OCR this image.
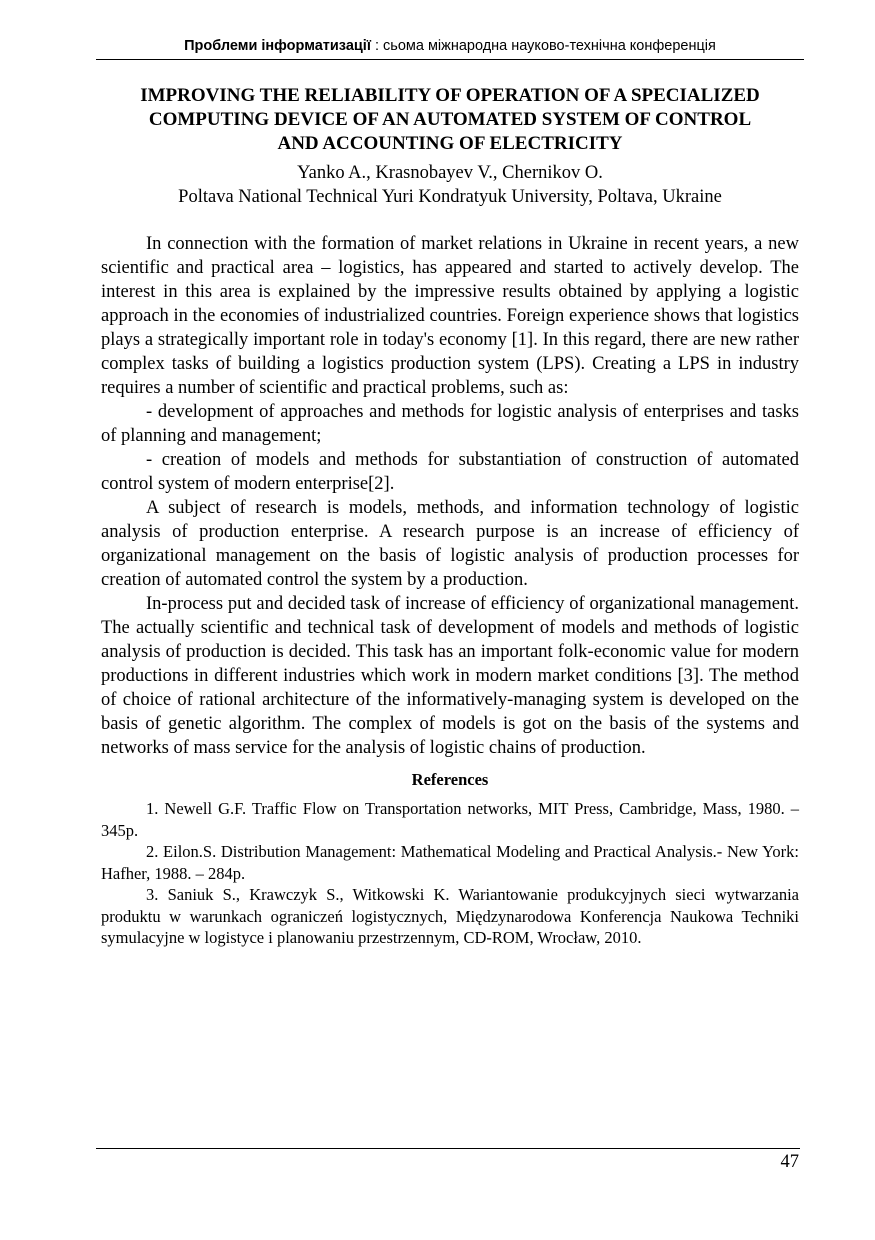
Проблеми інформатизації : сьома міжнародна науково-технічна конференція
IMPROVING THE RELIABILITY OF OPERATION OF A SPECIALIZED
COMPUTING DEVICE OF AN AUTOMATED SYSTEM OF CONTROL
AND ACCOUNTING OF ELECTRICITY
Yanko A., Krasnobayev V., Chernikov O.
Poltava National Technical Yuri Kondratyuk University, Poltava, Ukraine

In connection with the formation of market relations in Ukraine in recent years, a new scientific and practical area – logistics, has appeared and started to actively develop. The interest in this area is explained by the impressive results obtained by applying a logistic approach in the economies of industrialized countries. Foreign experience shows that logistics plays a strategically important role in today's economy [1]. In this regard, there are new rather complex tasks of building a logistics production system (LPS). Creating a LPS in industry requires a number of scientific and practical problems, such as:

- development of approaches and methods for logistic analysis of enterprises and tasks of planning and management;

- creation of models and methods for substantiation of construction of automated control system of modern enterprise[2].

A subject of research is models, methods, and information technology of logistic analysis of production enterprise. A research purpose is an increase of efficiency of organizational management on the basis of logistic analysis of production processes for creation of automated control the system by a production.

In-process put and decided task of increase of efficiency of organizational management. The actually scientific and technical task of development of models and methods of logistic analysis of production is decided. This task has an important folk-economic value for modern productions in different industries which work in modern market conditions [3]. The method of choice of rational architecture of the informatively-managing system is developed on the basis of genetic algorithm. The complex of models is got on the basis of the systems and networks of mass service for the analysis of logistic chains of production.

References

1. Newell G.F. Traffic Flow on Transportation networks, MIT Press, Cambridge, Mass, 1980. – 345p.

2. Eilon.S. Distribution Management: Mathematical Modeling and Practical Analysis.- New York: Hafher, 1988. – 284p.

3. Saniuk S., Krawczyk S., Witkowski K. Wariantowanie produkcyjnych sieci wytwarzania produktu w warunkach ograniczeń logistycznych, Międzynarodowa Konferencja Naukowa Techniki symulacyjne w logistyce i planowaniu przestrzennym, CD-ROM, Wrocław, 2010.

47
